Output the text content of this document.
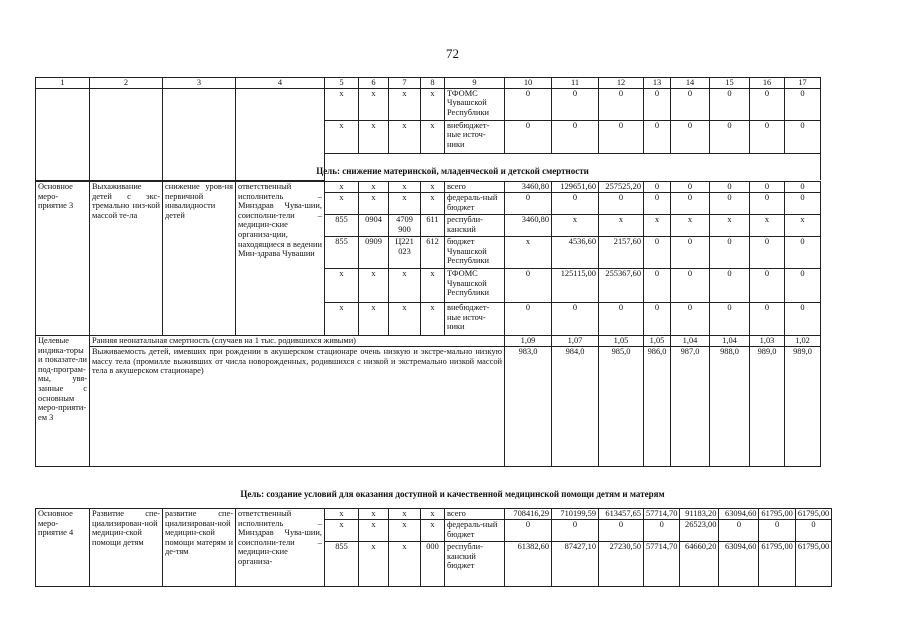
72
1	2	3	4	5	6	7	8	9	10	11	12	13	14	15	16	17
				x	x	x	x	ТФОМС Чувашской Республики	0	0	0	0	0	0	0	0
				x	x	x	x	внебюджет-ные источ-ники	0	0	0	0	0	0	0	0

Цель: снижение материнской, младенческой и детской смертности
Основное меро-приятие 3	Выхаживание детей с экс-тремально низ-кой массой те-ла	снижение уров-ня первичной инвалидности детей	ответственный исполнитель – Минздрав Чува-шии, соисполни-тели – медицин-ские организа-ции, находящиеся в ведении Мин-здрава Чувашии	x	x	x	x	всего	3460,80	129651,60	257525,20	0	0	0	0	0
				x	x	x	x	федераль-ный бюджет	0	0	0	0	0	0	0	0
				855	0904	4709 900	611	республи-канский	3460,80	x	x	x	x	x	x	x
				855	0909	Ц221 023	612	бюджет Чувашской Республики	x	4536,60	2157,60	0	0	0	0	0
				x	x	x	x	ТФОМС Чувашской Республики	0	125115,00	255367,60	0	0	0	0	0
				x	x	x	x	внебюджет-ные источ-ники	0	0	0	0	0	0	0	0
Целевые индика-торы и показате-ли под-програм-мы, увя-занные с основным меро-прияти-ем 3	Ранняя неонатальная смертность (случаев на 1 тыс. родившихся живыми)								1,09	1,07	1,05	1,05	1,04	1,04	1,03	1,02
	Выживаемость детей, имевших при рождении в акушерском стационаре очень низкую и экстре-мально низкую массу тела (промилле выживших от числа новорожденных, родившихся с низкой и экстремально низкой массой тела в акушерском стационаре)								983,0	984,0	985,0	986,0	987,0	988,0	989,0	989,0
Цель: создание условий для оказания доступной и качественной медицинской помощи детям и матерям
Основное меро-приятие 4	Развитие спе-циализирован-ной медицин-ской помощи детям	развитие спе-циализирован-ной медицин-ской помощи матерям и де-тям	ответственный исполнитель – Минздрав Чува-шии, соисполни-тели – медицин-ские организа-	x	x	x	x	всего	708416,29	710199,59	613457,65	57714,70	91183,20	63094,60	61795,00	61795,00
				x	x	x	x	федераль-ный бюджет	0	0	0	0	26523,00	0	0	0
				855	x	x	000	республи-канский бюджет	61382,60	87427,10	27230,50	57714,70	64660,20	63094,60	61795,00	61795,00
